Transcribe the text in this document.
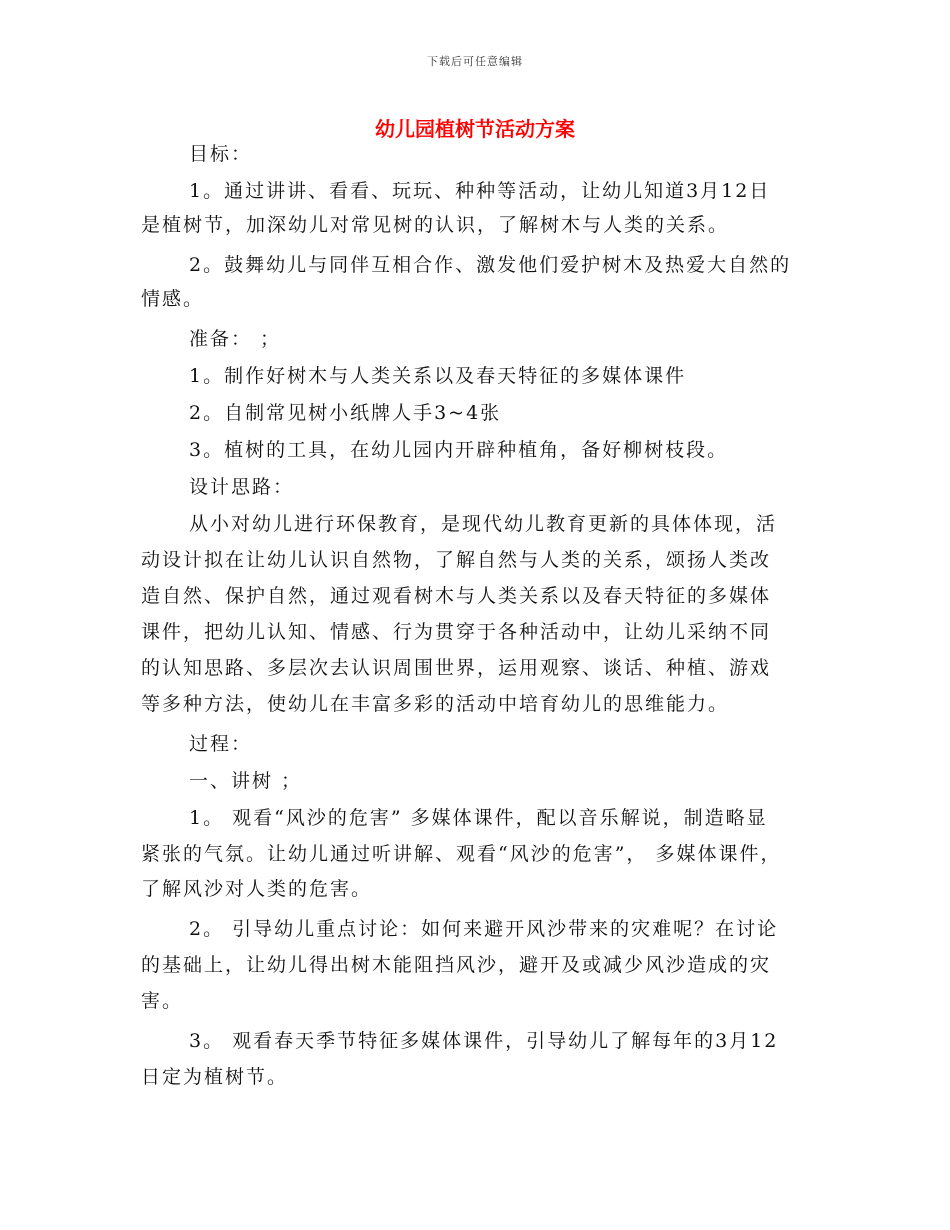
下载后可任意编辑
幼儿园植树节活动方案
目标：
1。通过讲讲、看看、玩玩、种种等活动，让幼儿知道3月12日
是植树节，加深幼儿对常见树的认识，了解树木与人类的关系。
2。鼓舞幼儿与同伴互相合作、激发他们爱护树木及热爱大自然的
情感。
准备： ；
1。制作好树木与人类关系以及春天特征的多媒体课件
2。自制常见树小纸牌人手3~4张
3。植树的工具，在幼儿园内开辟种植角，备好柳树枝段。
设计思路：
从小对幼儿进行环保教育，是现代幼儿教育更新的具体体现，活
动设计拟在让幼儿认识自然物，了解自然与人类的关系，颂扬人类改
造自然、保护自然，通过观看树木与人类关系以及春天特征的多媒体
课件，把幼儿认知、情感、行为贯穿于各种活动中，让幼儿采纳不同
的认知思路、多层次去认识周围世界，运用观察、谈话、种植、游戏
等多种方法，使幼儿在丰富多彩的活动中培育幼儿的思维能力。
过程：
一、讲树 ；
1。 观看“风沙的危害” 多媒体课件，配以音乐解说，制造略显
紧张的气氛。让幼儿通过听讲解、观看“风沙的危害”， 多媒体课件，
了解风沙对人类的危害。
2。 引导幼儿重点讨论：如何来避开风沙带来的灾难呢？在讨论
的基础上，让幼儿得出树木能阻挡风沙，避开及或减少风沙造成的灾
害。
3。 观看春天季节特征多媒体课件，引导幼儿了解每年的3月12
日定为植树节。
